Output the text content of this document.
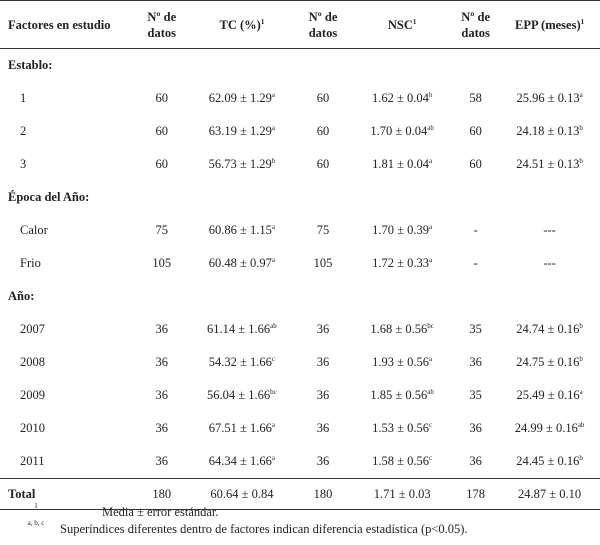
Factores en estudio	Nº de datos	TC (%)$^1$	Nº de datos	NSC$^1$	Nº de datos	EPP (meses)$^1$
Establo:						
1	60	62.09 ± 1.29$^a$	60	1.62 ± 0.04$^b$	58	25.96 ± 0.13$^a$
2	60	63.19 ± 1.29$^a$	60	1.70 ± 0.04$^{ab}$	60	24.18 ± 0.13$^b$
3	60	56.73 ± 1.29$^b$	60	1.81 ± 0.04$^a$	60	24.51 ± 0.13$^b$
Época del Año:						
Calor	75	60.86 ± 1.15$^a$	75	1.70 ± 0.39$^a$	-	---
Frio	105	60.48 ± 0.97$^a$	105	1.72 ± 0.33$^a$	-	---
Año:						
2007	36	61.14 ± 1.66$^{ab}$	36	1.68 ± 0.56$^{bc}$	35	24.74 ± 0.16$^b$
2008	36	54.32 ± 1.66$^c$	36	1.93 ± 0.56$^a$	36	24.75 ± 0.16$^b$
2009	36	56.04 ± 1.66$^{bc}$	36	1.85 ± 0.56$^{ab}$	35	25.49 ± 0.16$^a$
2010	36	67.51 ± 1.66$^a$	36	1.53 ± 0.56$^c$	36	24.99 ± 0.16$^{ab}$
2011	36	64.34 ± 1.66$^a$	36	1.58 ± 0.56$^c$	36	24.45 ± 0.16$^b$
Total	180	60.64 ± 0.84	180	1.71 ± 0.03	178	24.87 ± 0.10
1	Media ± error estándar.
a, b, c	Superíndices diferentes dentro de factores indican diferencia estadística (p<0.05).
